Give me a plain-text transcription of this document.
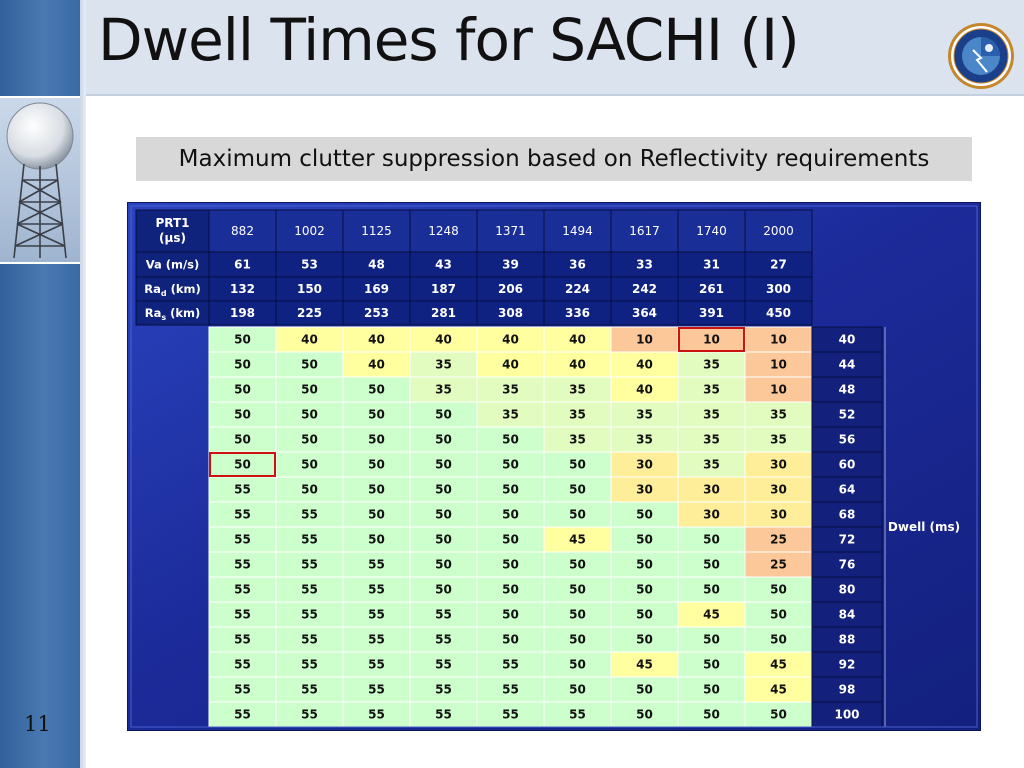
Dwell Times for SACHI (I)
Maximum clutter suppression based on Reflectivity requirements
PRT1
(μs)	882	1002	1125	1248	1371	1494	1617	1740	2000
Va (m/s)	61	53	48	43	39	36	33	31	27
$Ra_d$ (km) 132	150	169	187	206	224	242	261	300
$Ra_s$ (km) 198	225	253	281	308	336	364	391	450
50	40	40	40	40	40	10	10	10	40
50	50	40	35	40	40	40	35	10	44
50	50	50	35	35	35	40	35	10	48
50	50	50	50	35	35	35	35	35	52
50	50	50	50	50	35	35	35	35	56
50	50	50	50	50	50	30	35	30	60
55	50	50	50	50	50	30	30	30	64
55	55	50	50	50	50	50	30	30	68
55	55	50	50	50	45	50	50	25	72
55	55	55	50	50	50	50	50	25	76
55	55	55	50	50	50	50	50	50	80
55	55	55	55	50	50	50	45	50	84
55	55	55	55	50	50	50	50	50	88
55	55	55	55	55	50	45	50	45	92
55	55	55	55	55	50	50	50	45	98
55	55	55	55	55	55	50	50	50	100
Dwell (ms)
11
